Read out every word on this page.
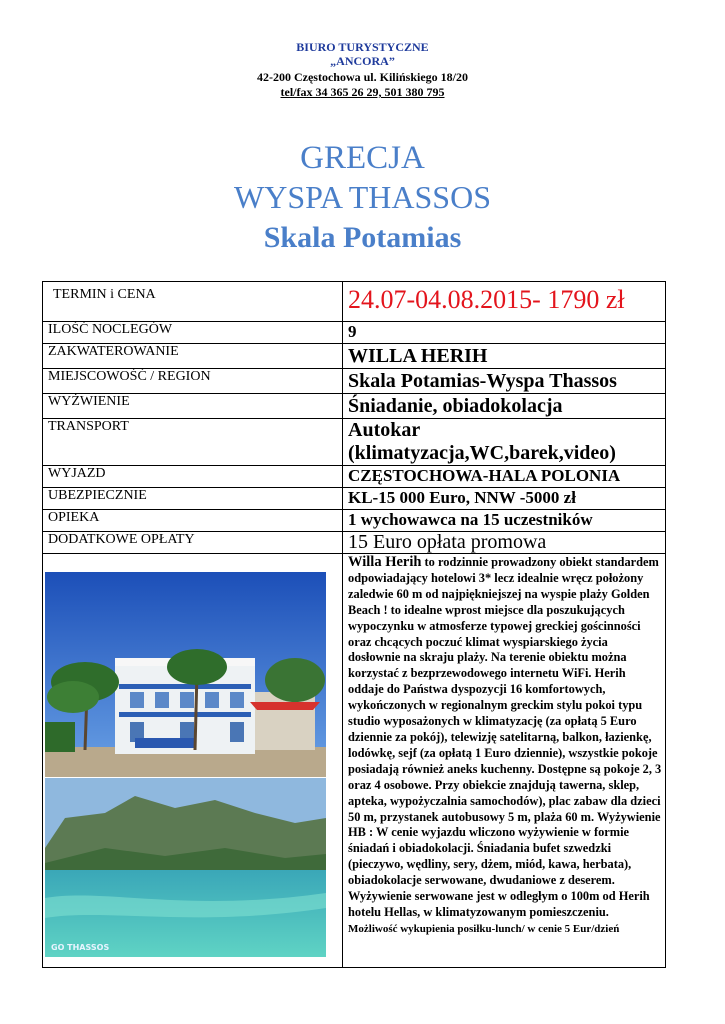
BIURO TURYSTYCZNE
„ANCORA”
42-200 Częstochowa ul. Kilińskiego 18/20
tel/fax 34 365 26 29, 501 380 795
GRECJA
WYSPA THASSOS
Skala Potamias
TERMIN i CENA	24.07-04.08.2015- 1790 zł
ILOŚĆ NOCLEGÓW	9
ZAKWATEROWANIE	WILLA HERIH
MIEJSCOWOŚĆ / REGION	Skala Potamias-Wyspa Thassos
WYŻWIENIE	Śniadanie, obiadokolacja
TRANSPORT	Autokar (klimatyzacja,WC,barek,video)
WYJAZD	CZĘSTOCHOWA-HALA POLONIA
UBEZPIECZNIE	KL-15 000 Euro, NNW -5000 zł
OPIEKA	1 wychowawca na 15 uczestników
DODATKOWE OPŁATY	15 Euro opłata promowa

GO THASSOS	Willa Herih to rodzinnie prowadzony obiekt standardem odpowiadający hotelowi 3* lecz idealnie wręcz położony zaledwie 60 m od najpiękniejszej na wyspie plaży Golden Beach ! to idealne wprost miejsce dla poszukujących wypoczynku w atmosferze typowej greckiej gościnności oraz chcących poczuć klimat wyspiarskiego życia dosłownie na skraju plaży. Na terenie obiektu można korzystać z bezprzewodowego internetu WiFi. Herih oddaje do Państwa dyspozycji 16 komfortowych, wykończonych w regionalnym greckim stylu pokoi typu studio wyposażonych w klimatyzację (za opłatą 5 Euro dziennie za pokój), telewizję satelitarną, balkon, łazienkę, lodówkę, sejf (za opłatą 1 Euro dziennie), wszystkie pokoje posiadają również aneks kuchenny. Dostępne są pokoje 2, 3 oraz 4 osobowe. Przy obiekcie znajdują tawerna, sklep, apteka, wypożyczalnia samochodów), plac zabaw dla dzieci 50 m, przystanek autobusowy 5 m, plaża 60 m. Wyżywienie HB : W cenie wyjazdu wliczono wyżywienie w formie śniadań i obiadokolacji. Śniadania bufet szwedzki (pieczywo, wędliny, sery, dżem, miód, kawa, herbata), obiadokolacje serwowane, dwudaniowe z deserem. Wyżywienie serwowane jest w odległym o 100m od Herih hotelu Hellas, w klimatyzowanym pomieszczeniu.
Możliwość wykupienia posiłku-lunch/ w cenie 5 Eur/dzień
